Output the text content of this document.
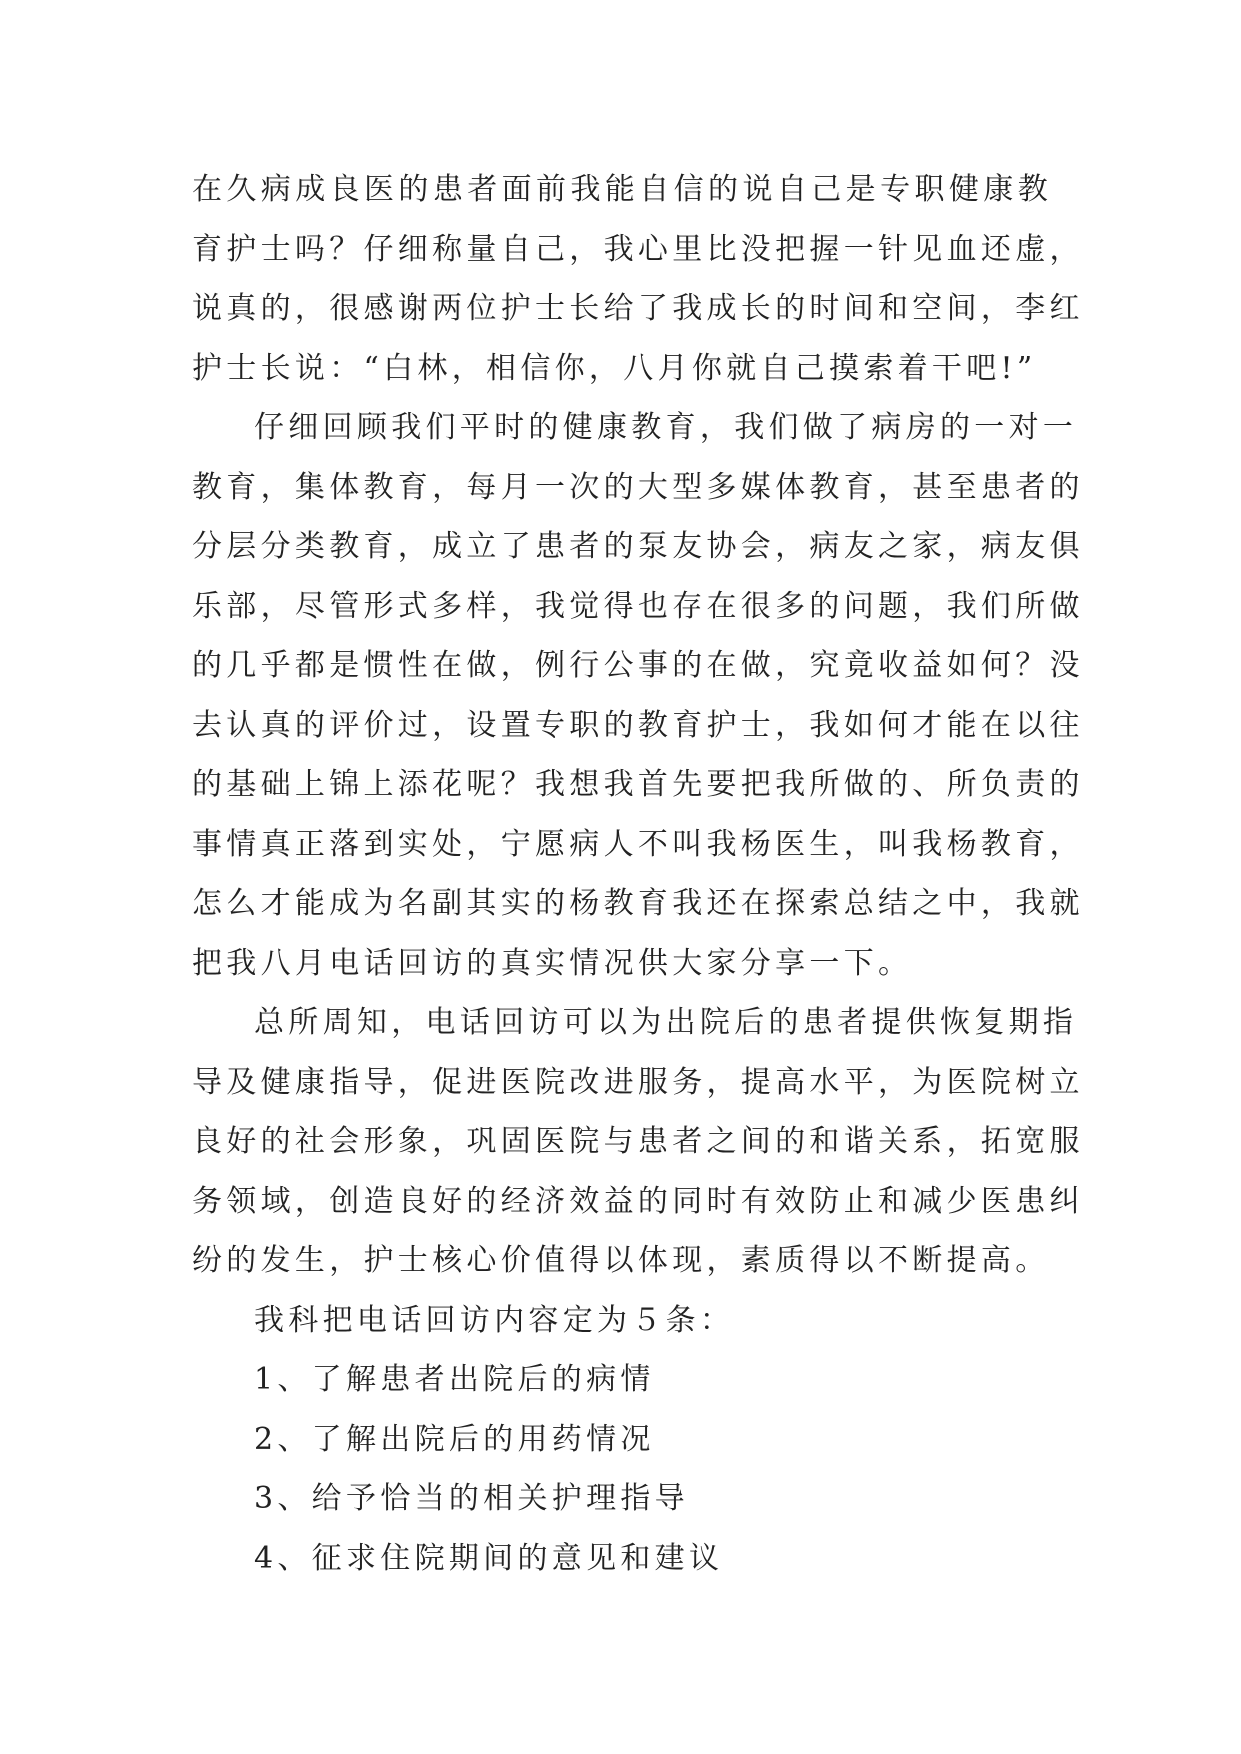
在久病成良医的患者面前我能自信的说自己是专职健康教
育护士吗？仔细称量自己，我心里比没把握一针见血还虚，
说真的，很感谢两位护士长给了我成长的时间和空间，李红
护士长说：“白林，相信你，八月你就自己摸索着干吧!”
仔细回顾我们平时的健康教育，我们做了病房的一对一
教育，集体教育，每月一次的大型多媒体教育，甚至患者的
分层分类教育，成立了患者的泵友协会，病友之家，病友俱
乐部，尽管形式多样，我觉得也存在很多的问题，我们所做
的几乎都是惯性在做，例行公事的在做，究竟收益如何？没
去认真的评价过，设置专职的教育护士，我如何才能在以往
的基础上锦上添花呢？我想我首先要把我所做的、所负责的
事情真正落到实处，宁愿病人不叫我杨医生，叫我杨教育，
怎么才能成为名副其实的杨教育我还在探索总结之中，我就
把我八月电话回访的真实情况供大家分享一下。
总所周知，电话回访可以为出院后的患者提供恢复期指
导及健康指导，促进医院改进服务，提高水平，为医院树立
良好的社会形象，巩固医院与患者之间的和谐关系，拓宽服
务领域，创造良好的经济效益的同时有效防止和减少医患纠
纷的发生，护士核心价值得以体现，素质得以不断提高。
我科把电话回访内容定为５条：
1、了解患者出院后的病情
2、了解出院后的用药情况
3、给予恰当的相关护理指导
4、征求住院期间的意见和建议
